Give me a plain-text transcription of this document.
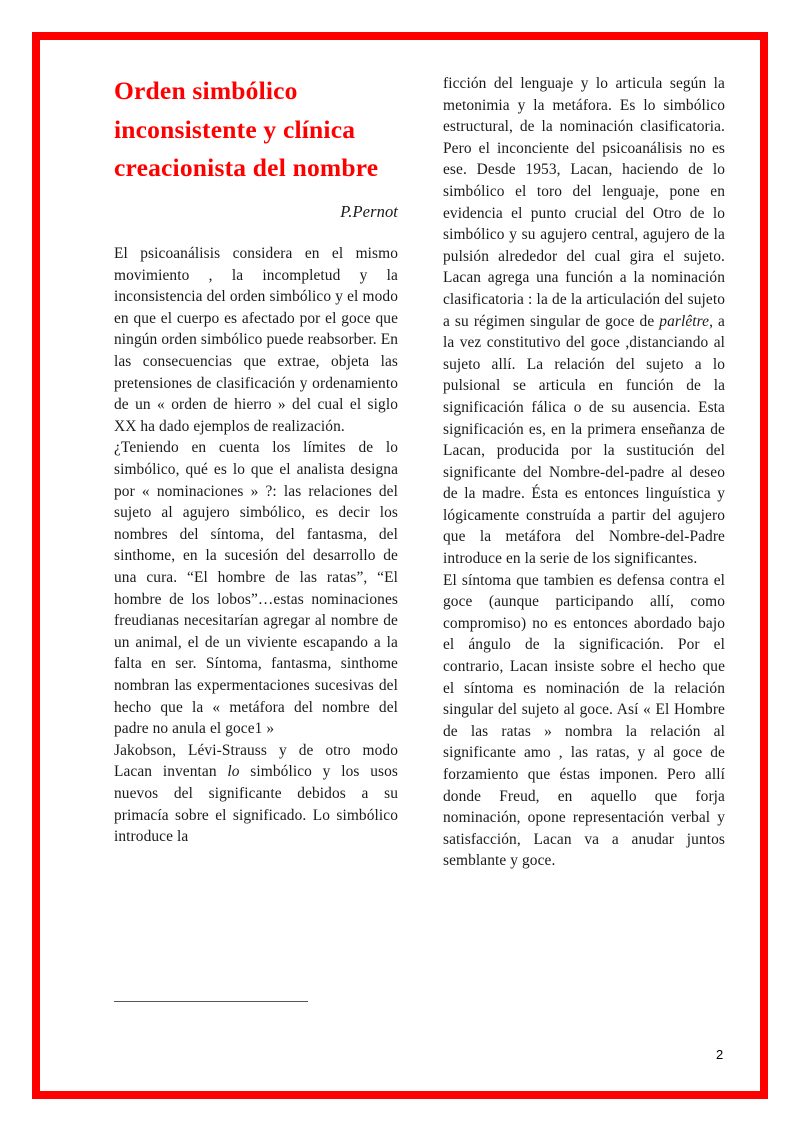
Orden simbólico inconsistente y clínica creacionista del nombre
P.Pernot

El psicoanálisis considera en el mismo movimiento , la incompletud y la inconsistencia del orden simbólico y el modo en que el cuerpo es afectado por el goce que ningún orden simbólico puede reabsorber. En las consecuencias que extrae, objeta las pretensiones de clasificación y ordenamiento de un « orden de hierro » del cual el siglo XX ha dado ejemplos de realización.

¿Teniendo en cuenta los límites de lo simbólico, qué es lo que el analista designa por « nominaciones » ?: las relaciones del sujeto al agujero simbólico, es decir los nombres del síntoma, del fantasma, del sinthome, en la sucesión del desarrollo de una cura. “El hombre de las ratas”, “El hombre de los lobos”…estas nominaciones freudianas necesitarían agregar al nombre de un animal, el de un viviente escapando a la falta en ser. Síntoma, fantasma, sinthome nombran las expermentaciones sucesivas del hecho que la « metáfora del nombre del padre no anula el goce1 »

Jakobson, Lévi-Strauss y de otro modo Lacan inventan lo simbólico y los usos nuevos del significante debidos a su primacía sobre el significado. Lo simbólico introduce la

ficción del lenguaje y lo articula según la metonimia y la metáfora. Es lo simbólico estructural, de la nominación clasificatoria. Pero el inconciente del psicoanálisis no es ese. Desde 1953, Lacan, haciendo de lo simbólico el toro del lenguaje, pone en evidencia el punto crucial del Otro de lo simbólico y su agujero central, agujero de la pulsión alrededor del cual gira el sujeto. Lacan agrega una función a la nominación clasificatoria : la de la articulación del sujeto a su régimen singular de goce de parlêtre, a la vez constitutivo del goce ,distanciando al sujeto allí. La relación del sujeto a lo pulsional se articula en función de la significación fálica o de su ausencia. Esta significación es, en la primera enseñanza de Lacan, producida por la sustitución del significante del Nombre-del-padre al deseo de la madre. Ésta es entonces linguística y lógicamente construída a partir del agujero que la metáfora del Nombre-del-Padre introduce en la serie de los significantes.

El síntoma que tambien es defensa contra el goce (aunque participando allí, como compromiso) no es entonces abordado bajo el ángulo de la significación. Por el contrario, Lacan insiste sobre el hecho que el síntoma es nominación de la relación singular del sujeto al goce. Así « El Hombre de las ratas » nombra la relación al significante amo , las ratas, y al goce de forzamiento que éstas imponen. Pero allí donde Freud, en aquello que forja nominación, opone representación verbal y satisfacción, Lacan va a anudar juntos semblante y goce.

2
